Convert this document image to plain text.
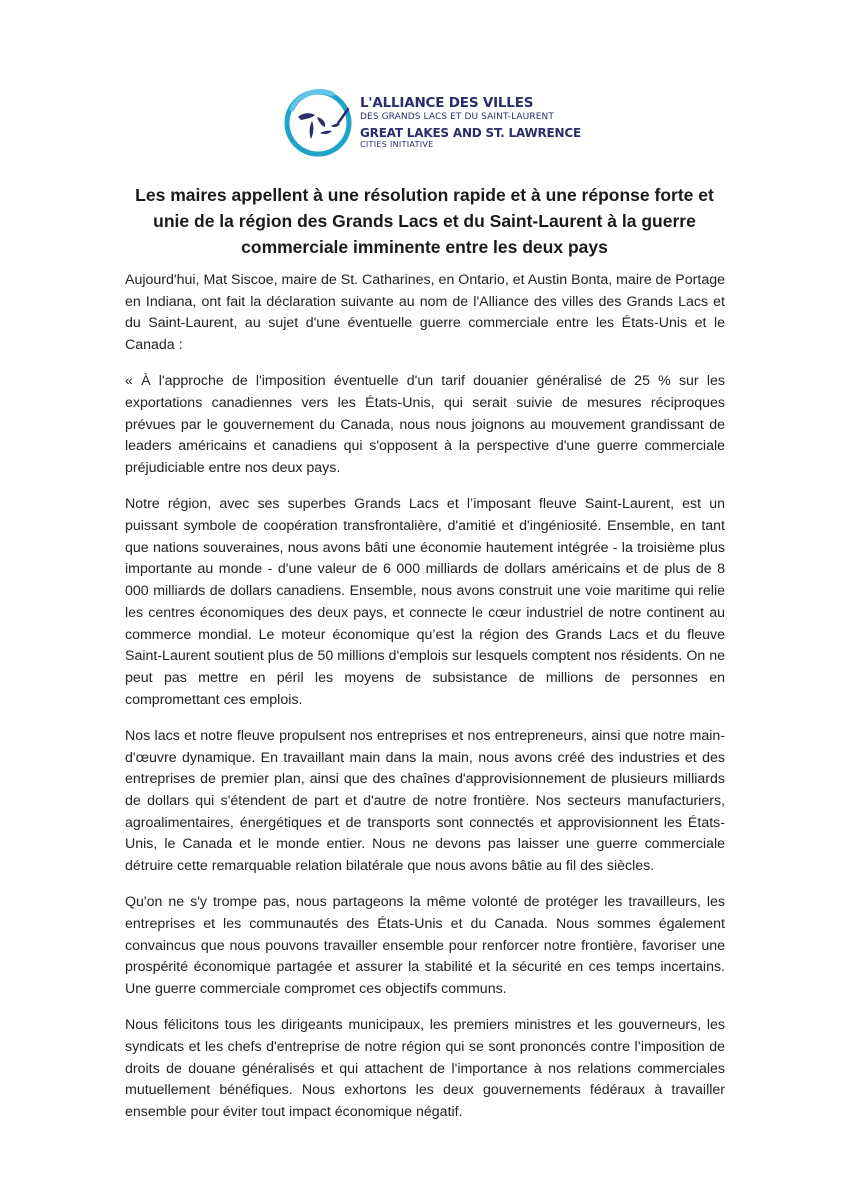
L'ALLIANCE DES VILLES
DES GRANDS LACS ET DU SAINT-LAURENT
GREAT LAKES AND ST. LAWRENCE
CITIES INITIATIVE
Les maires appellent à une résolution rapide et à une réponse forte et unie de la région des Grands Lacs et du Saint-Laurent à la guerre commerciale imminente entre les deux pays

Aujourd'hui, Mat Siscoe, maire de St. Catharines, en Ontario, et Austin Bonta, maire de Portage en Indiana, ont fait la déclaration suivante au nom de l'Alliance des villes des Grands Lacs et du Saint-Laurent, au sujet d'une éventuelle guerre commerciale entre les États-Unis et le Canada :

« À l'approche de l'imposition éventuelle d'un tarif douanier généralisé de 25 % sur les exportations canadiennes vers les États-Unis, qui serait suivie de mesures réciproques prévues par le gouvernement du Canada, nous nous joignons au mouvement grandissant de leaders américains et canadiens qui s'opposent à la perspective d'une guerre commerciale préjudiciable entre nos deux pays.

Notre région, avec ses superbes Grands Lacs et l’imposant fleuve Saint-Laurent, est un puissant symbole de coopération transfrontalière, d'amitié et d'ingéniosité. Ensemble, en tant que nations souveraines, nous avons bâti une économie hautement intégrée - la troisième plus importante au monde - d'une valeur de 6 000 milliards de dollars américains et de plus de 8 000 milliards de dollars canadiens. Ensemble, nous avons construit une voie maritime qui relie les centres économiques des deux pays, et connecte le cœur industriel de notre continent au commerce mondial. Le moteur économique qu’est la région des Grands Lacs et du fleuve Saint-Laurent soutient plus de 50 millions d'emplois sur lesquels comptent nos résidents. On ne peut pas mettre en péril les moyens de subsistance de millions de personnes en compromettant ces emplois.

Nos lacs et notre fleuve propulsent nos entreprises et nos entrepreneurs, ainsi que notre main-d'œuvre dynamique. En travaillant main dans la main, nous avons créé des industries et des entreprises de premier plan, ainsi que des chaînes d'approvisionnement de plusieurs milliards de dollars qui s'étendent de part et d'autre de notre frontière. Nos secteurs manufacturiers, agroalimentaires, énergétiques et de transports sont connectés et approvisionnent les États-Unis, le Canada et le monde entier. Nous ne devons pas laisser une guerre commerciale détruire cette remarquable relation bilatérale que nous avons bâtie au fil des siècles.

Qu'on ne s'y trompe pas, nous partageons la même volonté de protéger les travailleurs, les entreprises et les communautés des États-Unis et du Canada. Nous sommes également convaincus que nous pouvons travailler ensemble pour renforcer notre frontière, favoriser une prospérité économique partagée et assurer la stabilité et la sécurité en ces temps incertains. Une guerre commerciale compromet ces objectifs communs.

Nous félicitons tous les dirigeants municipaux, les premiers ministres et les gouverneurs, les syndicats et les chefs d'entreprise de notre région qui se sont prononcés contre l’imposition de droits de douane généralisés et qui attachent de l'importance à nos relations commerciales mutuellement bénéfiques. Nous exhortons les deux gouvernements fédéraux à travailler ensemble pour éviter tout impact économique négatif.
